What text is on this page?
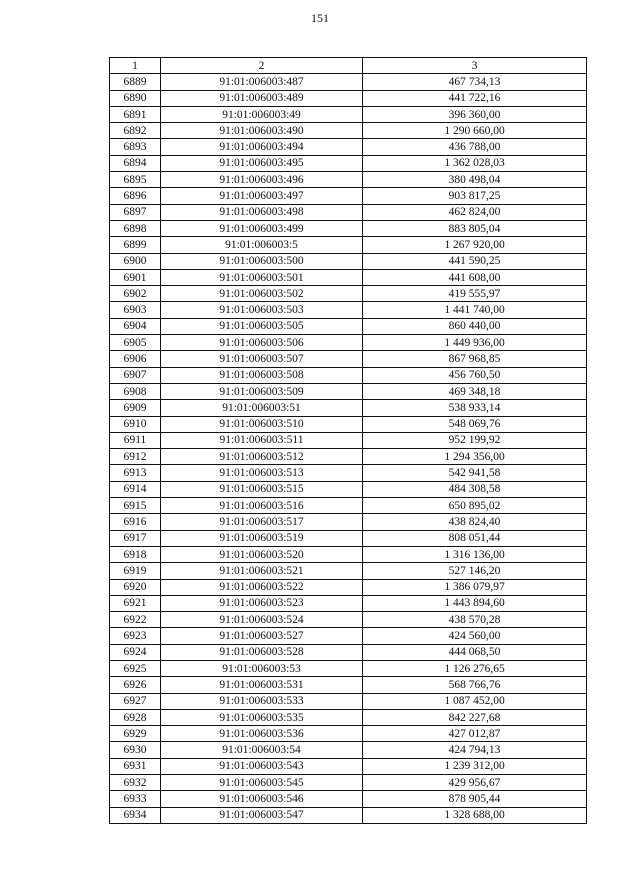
151
1	2	3
6889	91:01:006003:487	467 734,13
6890	91:01:006003:489	441 722,16
6891	91:01:006003:49	396 360,00
6892	91:01:006003:490	1 290 660,00
6893	91:01:006003:494	436 788,00
6894	91:01:006003:495	1 362 028,03
6895	91:01:006003:496	380 498,04
6896	91:01:006003:497	903 817,25
6897	91:01:006003:498	462 824,00
6898	91:01:006003:499	883 805,04
6899	91:01:006003:5	1 267 920,00
6900	91:01:006003:500	441 590,25
6901	91:01:006003:501	441 608,00
6902	91:01:006003:502	419 555,97
6903	91:01:006003:503	1 441 740,00
6904	91:01:006003:505	860 440,00
6905	91:01:006003:506	1 449 936,00
6906	91:01:006003:507	867 968,85
6907	91:01:006003:508	456 760,50
6908	91:01:006003:509	469 348,18
6909	91:01:006003:51	538 933,14
6910	91:01:006003:510	548 069,76
6911	91:01:006003:511	952 199,92
6912	91:01:006003:512	1 294 356,00
6913	91:01:006003:513	542 941,58
6914	91:01:006003:515	484 308,58
6915	91:01:006003:516	650 895,02
6916	91:01:006003:517	438 824,40
6917	91:01:006003:519	808 051,44
6918	91:01:006003:520	1 316 136,00
6919	91:01:006003:521	527 146,20
6920	91:01:006003:522	1 386 079,97
6921	91:01:006003:523	1 443 894,60
6922	91:01:006003:524	438 570,28
6923	91:01:006003:527	424 560,00
6924	91:01:006003:528	444 068,50
6925	91:01:006003:53	1 126 276,65
6926	91:01:006003:531	568 766,76
6927	91:01:006003:533	1 087 452,00
6928	91:01:006003:535	842 227,68
6929	91:01:006003:536	427 012,87
6930	91:01:006003:54	424 794,13
6931	91:01:006003:543	1 239 312,00
6932	91:01:006003:545	429 956,67
6933	91:01:006003:546	878 905,44
6934	91:01:006003:547	1 328 688,00
